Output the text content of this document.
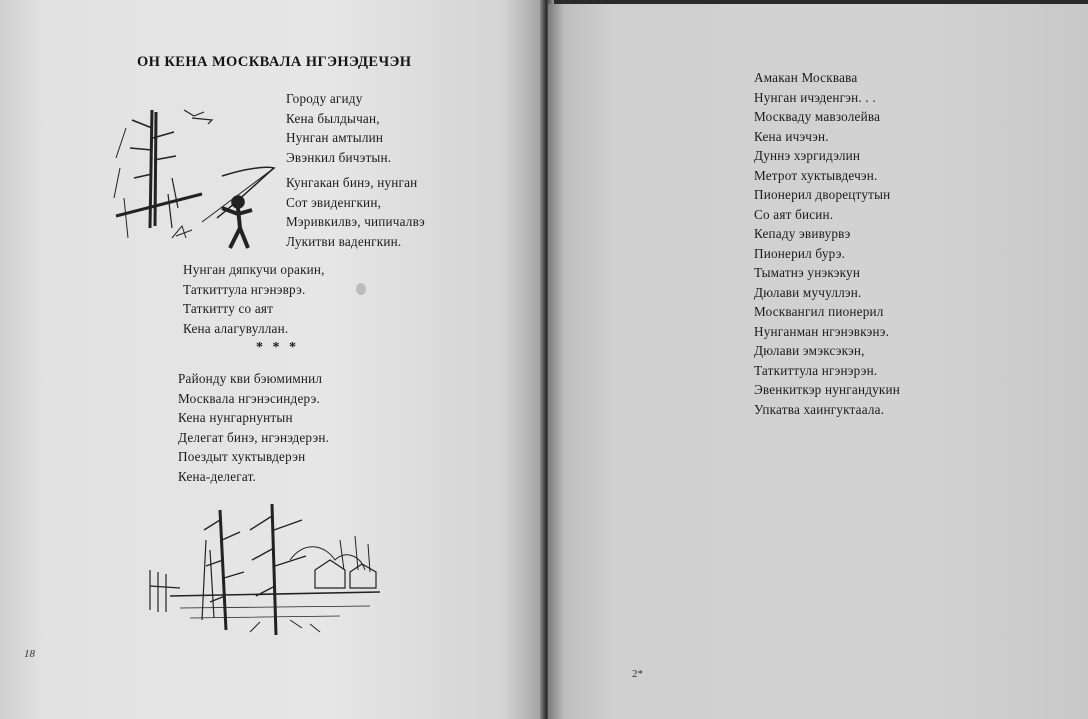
ОН КЕНА МОСКВАЛА НГЭНЭДЕЧЭН
Городу агиду
Кена былдычан,
Нунган амтылин
Эвэнкил бичэтын.
Кунгакан бинэ, нунган
Сот эвиденгкин,
Мэривкилвэ, чипичалвэ
Лукитви ваденгкин.
Нунган дяпкучи оракин,
Таткиттула нгэнэврэ.
Таткитту со аят
Кена алагувуллан.
* * *
Районду кви бэюмимнил
Москвала нгэнэсиндерэ.
Кена нунгарнунтын
Делегат бинэ, нгэнэдерэн.
Поездыт хуктывдерэн
Кена-делегат.
18
Амакан Москвава
Нунган ичэденгэн. . .
Москваду мавзолейва
Кена ичэчэн.
Дуннэ хэргидэлин
Метрот хуктывдечэн.
Пионерил дворецтутын
Со аят бисин.
Кепаду эвивурвэ
Пионерил бурэ.
Тыматнэ унэкэкун
Дюлави мучуллэн.
Москвангил пионерил
Нунганман нгэнэвкэнэ.
Дюлави эмэксэкэн,
Таткиттула нгэнэрэн.
Эвенкиткэр нунгандукин
Упкатва хаингуктаала.
2*
